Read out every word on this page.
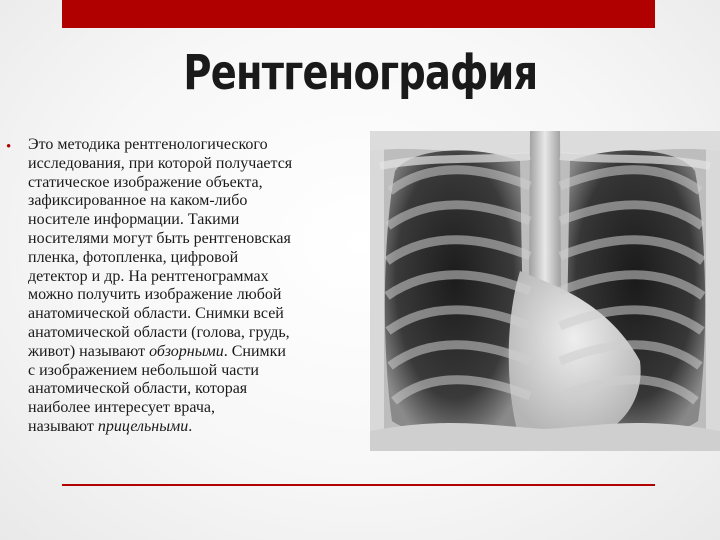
Рентгенография
• Это методика рентгенологического
исследования, при которой получается
статическое изображение объекта,
зафиксированное на каком-либо
носителе информации. Такими
носителями могут быть рентгеновская
пленка, фотопленка, цифровой
детектор и др. На рентгенограммах
можно получить изображение любой
анатомической области. Снимки всей
анатомической области (голова, грудь,
живот) называют обзорными. Снимки
с изображением небольшой части
анатомической области, которая
наиболее интересует врача,
называют прицельными.
